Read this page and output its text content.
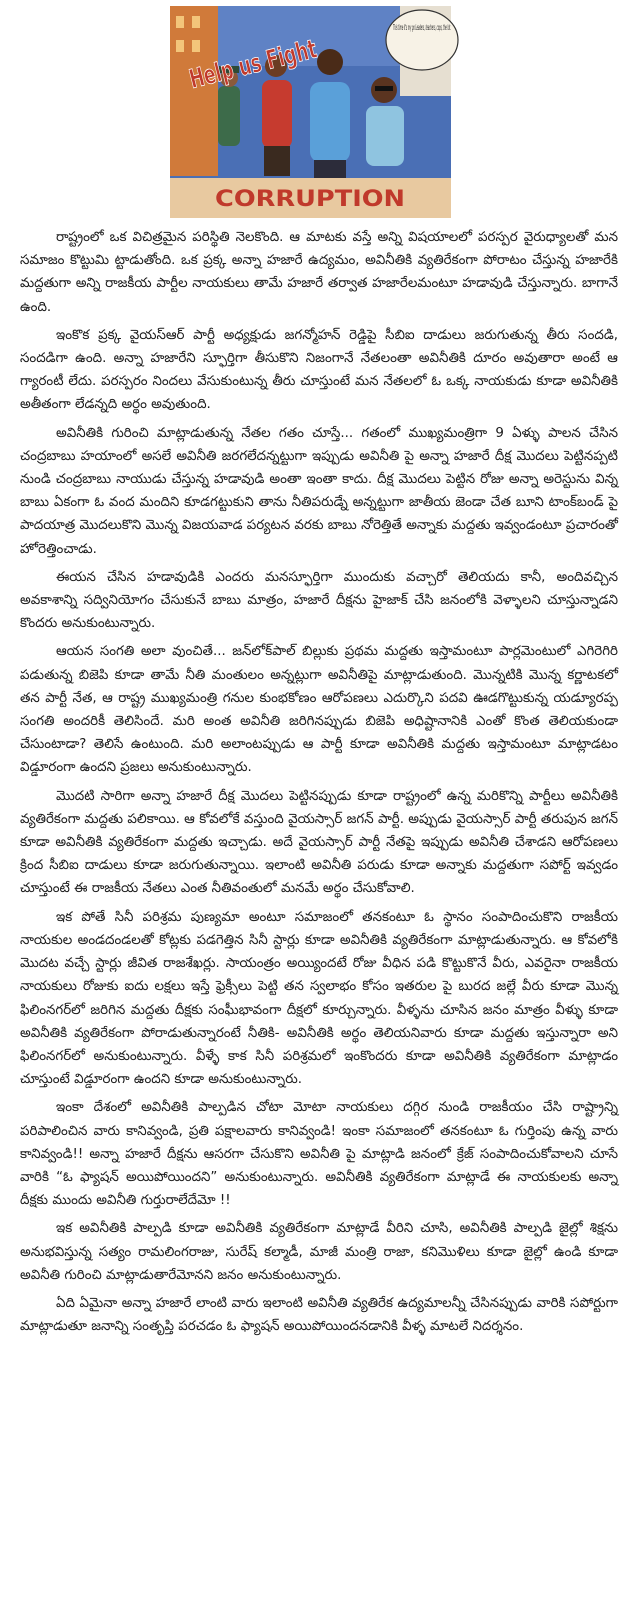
This time it's my go Leaders, teachers, cops, the lot.
Help us Fight
CORRUPTION

రాష్ట్రంలో ఒక విచిత్రమైన పరిస్థితి నెలకొంది. ఆ మాటకు వస్తే అన్ని విషయాలలో పరస్పర వైరుధ్యాలతో మన సమాజం కొట్టుమి ట్టాడుతోంది. ఒక ప్రక్క అన్నా హజారే ఉద్యమం, అవినీతికి వ్యతిరేకంగా పోరాటం చేస్తున్న హజారేకి మద్దతుగా అన్ని రాజకీయ పార్టీల నాయకులు తామే హజారే తర్వాత హజారేలమంటూ హడావుడి చేస్తున్నారు. బాగానే ఉంది.

ఇంకొక ప్రక్క వైయస్ఆర్ పార్టీ అధ్యక్షుడు జగన్మోహన్ రెడ్డిపై సీబిఐ దాడులు జరుగుతున్న తీరు సందడి, సందడిగా ఉంది. అన్నా హజారేని స్ఫూర్తిగా తీసుకొని నిజంగానే నేతలంతా అవినీతికి దూరం అవుతారా అంటే ఆ గ్యారంటీ లేదు. పరస్పరం నిందలు వేసుకుంటున్న తీరు చూస్తుంటే మన నేతలలో ఓ ఒక్క నాయకుడు కూడా అవినీతికి అతీతంగా లేడన్నది అర్థం అవుతుంది.

అవినీతికి గురించి మాట్లాడుతున్న నేతల గతం చూస్తే... గతంలో ముఖ్యమంత్రిగా 9 ఏళ్ళు పాలన చేసిన చంద్రబాబు హయాంలో అసలే అవినీతి జరగలేదన్నట్టుగా ఇప్పుడు అవినీతి పై అన్నా హజారే దీక్ష మొదలు పెట్టినప్పటి నుండి చంద్రబాబు నాయుడు చేస్తున్న హడావుడి అంతా ఇంతా కాదు. దీక్ష మొదలు పెట్టిన రోజు అన్నా అరెస్టును విన్న బాబు ఏకంగా ఓ వంద మందిని కూడగట్టుకుని తాను నీతిపరుడ్నే అన్నట్టుగా జాతీయ జెండా చేత బూని టాంక్‌బండ్ పై పాదయాత్ర మొదలుకొని మొన్న విజయవాడ పర్యటన వరకు బాబు నోరెత్తితే అన్నాకు మద్దతు ఇవ్వండంటూ ప్రచారంతో హోరెత్తించాడు.

ఈయన చేసిన హడావుడికి ఎందరు మనస్ఫూర్తిగా ముందుకు వచ్చారో తెలియదు కానీ, అందివచ్చిన అవకాశాన్ని సద్వినియోగం చేసుకునే బాబు మాత్రం, హజారే దీక్షను హైజాక్ చేసి జనంలోకి వెళ్ళాలని చూస్తున్నాడని కొందరు అనుకుంటున్నారు.

ఆయన సంగతి అలా వుంచితే... జన్‌లోక్‌పాల్ బిల్లుకు ప్రథమ మద్దతు ఇస్తామంటూ పార్లమెంటులో ఎగిరెగిరి పడుతున్న బిజెపి కూడా తామే నీతి మంతులం అన్నట్లుగా అవినీతిపై మాట్లాడుతుంది. మొన్నటికి మొన్న కర్ణాటకలో తన పార్టీ నేత, ఆ రాష్ట్ర ముఖ్యమంత్రి గనుల కుంభకోణం ఆరోపణలు ఎదుర్కొని పదవి ఊడగొట్టుకున్న యడ్యూరప్ప సంగతి అందరికీ తెలిసిందే. మరి అంత అవినీతి జరిగినప్పుడు బిజెపి అధిష్టానానికి ఎంతో కొంత తెలియకుండా చేసుంటాడా? తెలిసే ఉంటుంది. మరి అలాంటప్పుడు ఆ పార్టీ కూడా అవినీతికి మద్దతు ఇస్తామంటూ మాట్లాడటం విడ్డూరంగా ఉందని ప్రజలు అనుకుంటున్నారు.

మొదటి సారిగా అన్నా హజారే దీక్ష మొదలు పెట్టినప్పుడు కూడా రాష్ట్రంలో ఉన్న మరికొన్ని పార్టీలు అవినీతికి వ్యతిరేకంగా మద్దతు పలికాయి. ఆ కోవలోకే వస్తుంది వైయస్సార్ జగన్ పార్టీ. అప్పుడు వైయస్సార్ పార్టీ తరుపున జగన్ కూడా అవినీతికి వ్యతిరేకంగా మద్దతు ఇచ్చాడు. అదే వైయస్సార్ పార్టీ నేతపై ఇప్పుడు అవినీతి చేశాడని ఆరోపణలు క్రింద సీబిఐ దాడులు కూడా జరుగుతున్నాయి. ఇలాంటి అవినీతి పరుడు కూడా అన్నాకు మద్దతుగా సపోర్ట్ ఇవ్వడం చూస్తుంటే ఈ రాజకీయ నేతలు ఎంత నీతివంతులో మనమే అర్థం చేసుకోవాలి.

ఇక పోతే సినీ పరిశ్రమ పుణ్యమా అంటూ సమాజంలో తనకంటూ ఓ స్థానం సంపాదించుకొని రాజకీయ నాయకుల అండదండలతో కోట్లకు పడగెత్తిన సినీ స్టార్లు కూడా అవినీతికి వ్యతిరేకంగా మాట్లాడుతున్నారు. ఆ కోవలోకి మొదట వచ్చే స్టార్లు జీవిత రాజశేఖర్లు. సాయంత్రం అయ్యిందటే రోజు వీధిన పడి కొట్టుకొనే వీరు, ఎవరైనా రాజకీయ నాయకులు రోజుకు ఐదు లక్షలు ఇస్తే ఫ్రెక్సీలు పెట్టి తన స్వలాభం కోసం ఇతరుల పై బురద జల్లే వీరు కూడా మొన్న ఫిలింనగర్‌లో జరిగిన మద్దతు దీక్షకు సంఘీభావంగా దీక్షలో కూర్చున్నారు. వీళ్ళను చూసిన జనం మాత్రం వీళ్ళు కూడా అవినీతికి వ్యతిరేకంగా పోరాడుతున్నారంటే నీతికి- అవినీతికి అర్థం తెలియనివారు కూడా మద్దతు ఇస్తున్నారా అని ఫిలింనగర్‌లో అనుకుంటున్నారు. వీళ్ళే కాక సినీ పరిశ్రమలో ఇంకొందరు కూడా అవినీతికి వ్యతిరేకంగా మాట్లాడం చూస్తుంటే విడ్డూరంగా ఉందని కూడా అనుకుంటున్నారు.

ఇంకా దేశంలో అవినీతికి పాల్పడిన చోటా మోటా నాయకులు దగ్గిర నుండి రాజకీయం చేసి రాష్ట్రాన్ని పరిపాలించిన వారు కానివ్వండి, ప్రతి పక్షాలవారు కానివ్వండి! ఇంకా సమాజంలో తనకంటూ ఓ గుర్తింపు ఉన్న వారు కానివ్వండి!! అన్నా హజారే దీక్షను ఆసరగా చేసుకొని అవినీతి పై మాట్లాడి జనంలో క్రేజ్ సంపాదించుకోవాలని చూసే వారికి “ఓ ఫ్యాషన్ అయిపోయిందని” అనుకుంటున్నారు. అవినీతికి వ్యతిరేకంగా మాట్లాడే ఈ నాయకులకు అన్నా దీక్షకు ముందు అవినీతి గుర్తురాలేదేమో !!

ఇక అవినీతికి పాల్పడి కూడా అవినీతికి వ్యతిరేకంగా మాట్లాడే వీరిని చూసి, అవినీతికి పాల్పడి జైల్లో శిక్షను అనుభవిస్తున్న సత్యం రామలింగరాజు, సురేష్ కల్మాడీ, మాజీ మంత్రి రాజా, కనిమొళిలు కూడా జైల్లో ఉండి కూడా అవినీతి గురించి మాట్లాడుతారేమోనని జనం అనుకుంటున్నారు.

ఏది ఏమైనా అన్నా హజారే లాంటి వారు ఇలాంటి అవినీతి వ్యతిరేక ఉద్యమాలన్నీ చేసినప్పుడు వారికి సపోర్టుగా మాట్లాడుతూ జనాన్ని సంతృప్తి పరచడం ఓ ఫ్యాషన్ అయిపోయిందనడానికి వీళ్ళ మాటలే నిదర్శనం.
